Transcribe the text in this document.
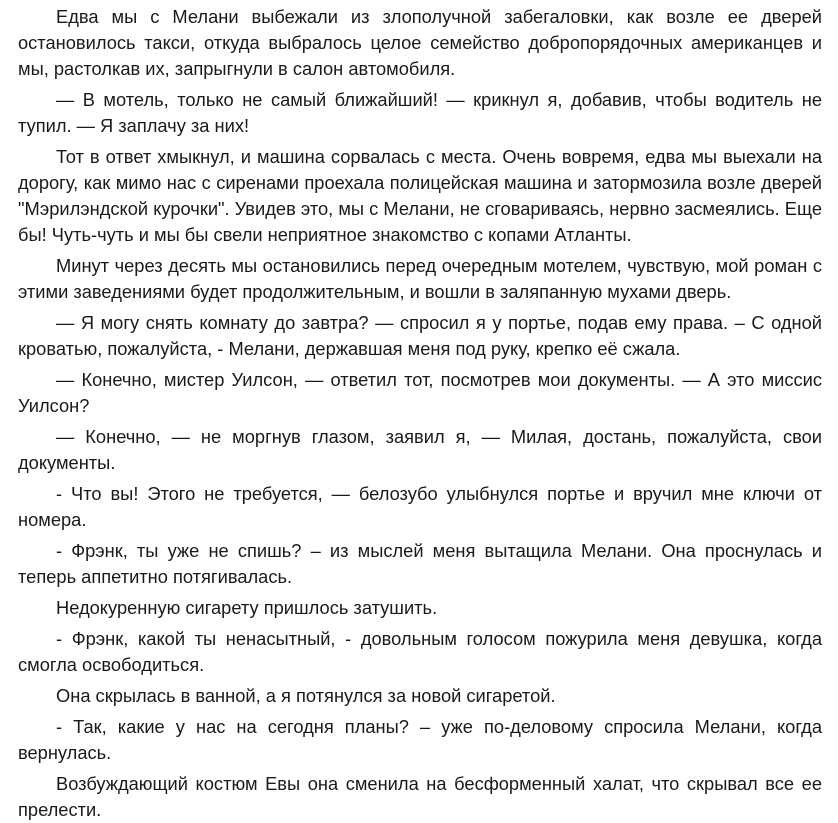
Едва мы с Мелани выбежали из злополучной забегаловки, как возле ее дверей остановилось такси, откуда выбралось целое семейство добропорядочных американцев и мы, растолкав их, запрыгнули в салон автомобиля.

— В мотель, только не самый ближайший! — крикнул я, добавив, чтобы водитель не тупил. — Я заплачу за них!

Тот в ответ хмыкнул, и машина сорвалась с места. Очень вовремя, едва мы выехали на дорогу, как мимо нас с сиренами проехала полицейская машина и затормозила возле дверей "Мэрилэндской курочки". Увидев это, мы с Мелани, не сговариваясь, нервно засмеялись. Еще бы! Чуть-чуть и мы бы свели неприятное знакомство с копами Атланты.

Минут через десять мы остановились перед очередным мотелем, чувствую, мой роман с этими заведениями будет продолжительным, и вошли в заляпанную мухами дверь.

— Я могу снять комнату до завтра? — спросил я у портье, подав ему права. – С одной кроватью, пожалуйста, - Мелани, державшая меня под руку, крепко её сжала.

— Конечно, мистер Уилсон, — ответил тот, посмотрев мои документы. — А это миссис Уилсон?

— Конечно, — не моргнув глазом, заявил я, — Милая, достань, пожалуйста, свои документы.

- Что вы! Этого не требуется, — белозубо улыбнулся портье и вручил мне ключи от номера.

- Фрэнк, ты уже не спишь? – из мыслей меня вытащила Мелани. Она проснулась и теперь аппетитно потягивалась.

Недокуренную сигарету пришлось затушить.

- Фрэнк, какой ты ненасытный, - довольным голосом пожурила меня девушка, когда смогла освободиться.

Она скрылась в ванной, а я потянулся за новой сигаретой.

- Так, какие у нас на сегодня планы? – уже по-деловому спросила Мелани, когда вернулась.

Возбуждающий костюм Евы она сменила на бесформенный халат, что скрывал все ее прелести.
